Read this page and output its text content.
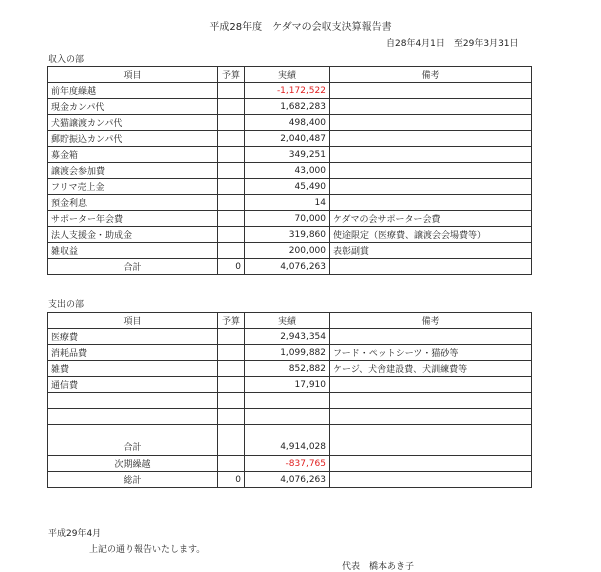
平成28年度　ケダマの会収支決算報告書
自28年4月1日　至29年3月31日
収入の部
項目	予算	実績	備考
前年度繰越		-1,172,522	
現金カンパ代		1,682,283	
犬猫譲渡カンパ代		498,400	
郵貯振込カンパ代		2,040,487	
募金箱		349,251	
譲渡会参加費		43,000	
フリマ売上金		45,490	
預金利息		14	
サポーター年会費		70,000	ケダマの会サポーター会費
法人支援金・助成金		319,860	使途限定（医療費、譲渡会会場費等）
雑収益		200,000	表彰副賞
合計	0	4,076,263	
支出の部
項目	予算	実績	備考
医療費		2,943,354	
消耗品費		1,099,882	フード・ペットシーツ・猫砂等
雑費		852,882	ケージ、犬舎建設費、犬訓練費等
通信費		17,910	

合計		4,914,028	
次期繰越		-837,765	
総計	0	4,076,263	
平成29年4月
上記の通り報告いたします。
代表　橋本あき子
